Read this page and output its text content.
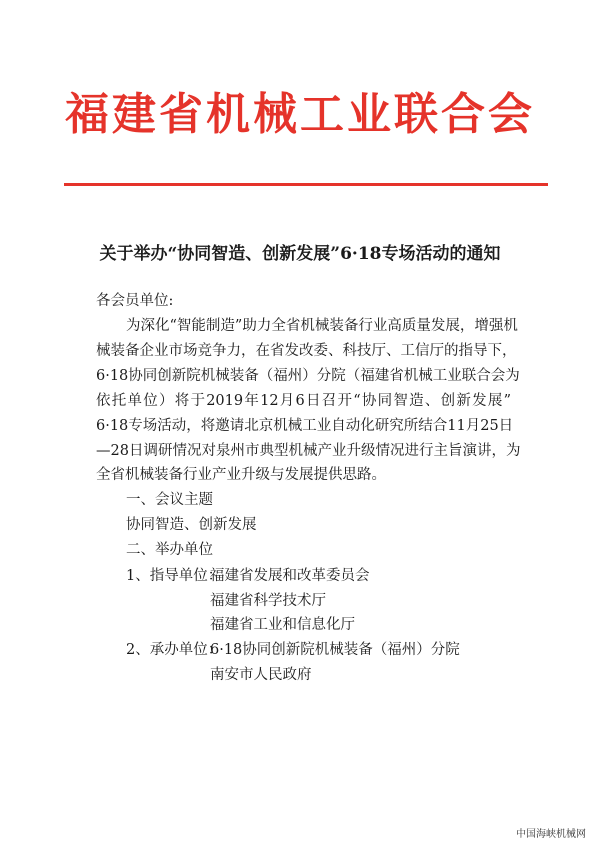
福建省机械工业联合会
关于举办“协同智造、创新发展”6·18专场活动的通知
各会员单位:
为深化“智能制造”助力全省机械装备行业高质量发展，增强机
械装备企业市场竞争力，在省发改委、科技厅、工信厅的指导下，
6·18协同创新院机械装备（福州）分院（福建省机械工业联合会为
依托单位）将于2019年12月6日召开“协同智造、创新发展”
6·18专场活动，将邀请北京机械工业自动化研究所结合11月25日
—28日调研情况对泉州市典型机械产业升级情况进行主旨演讲，为
全省机械装备行业产业升级与发展提供思路。
一、会议主题
协同智造、创新发展
二、举办单位
1、指导单位：
福建省发展和改革委员会
福建省科学技术厅
福建省工业和信息化厅
2、承办单位：
6·18协同创新院机械装备（福州）分院
南安市人民政府
中国海峡机械网
